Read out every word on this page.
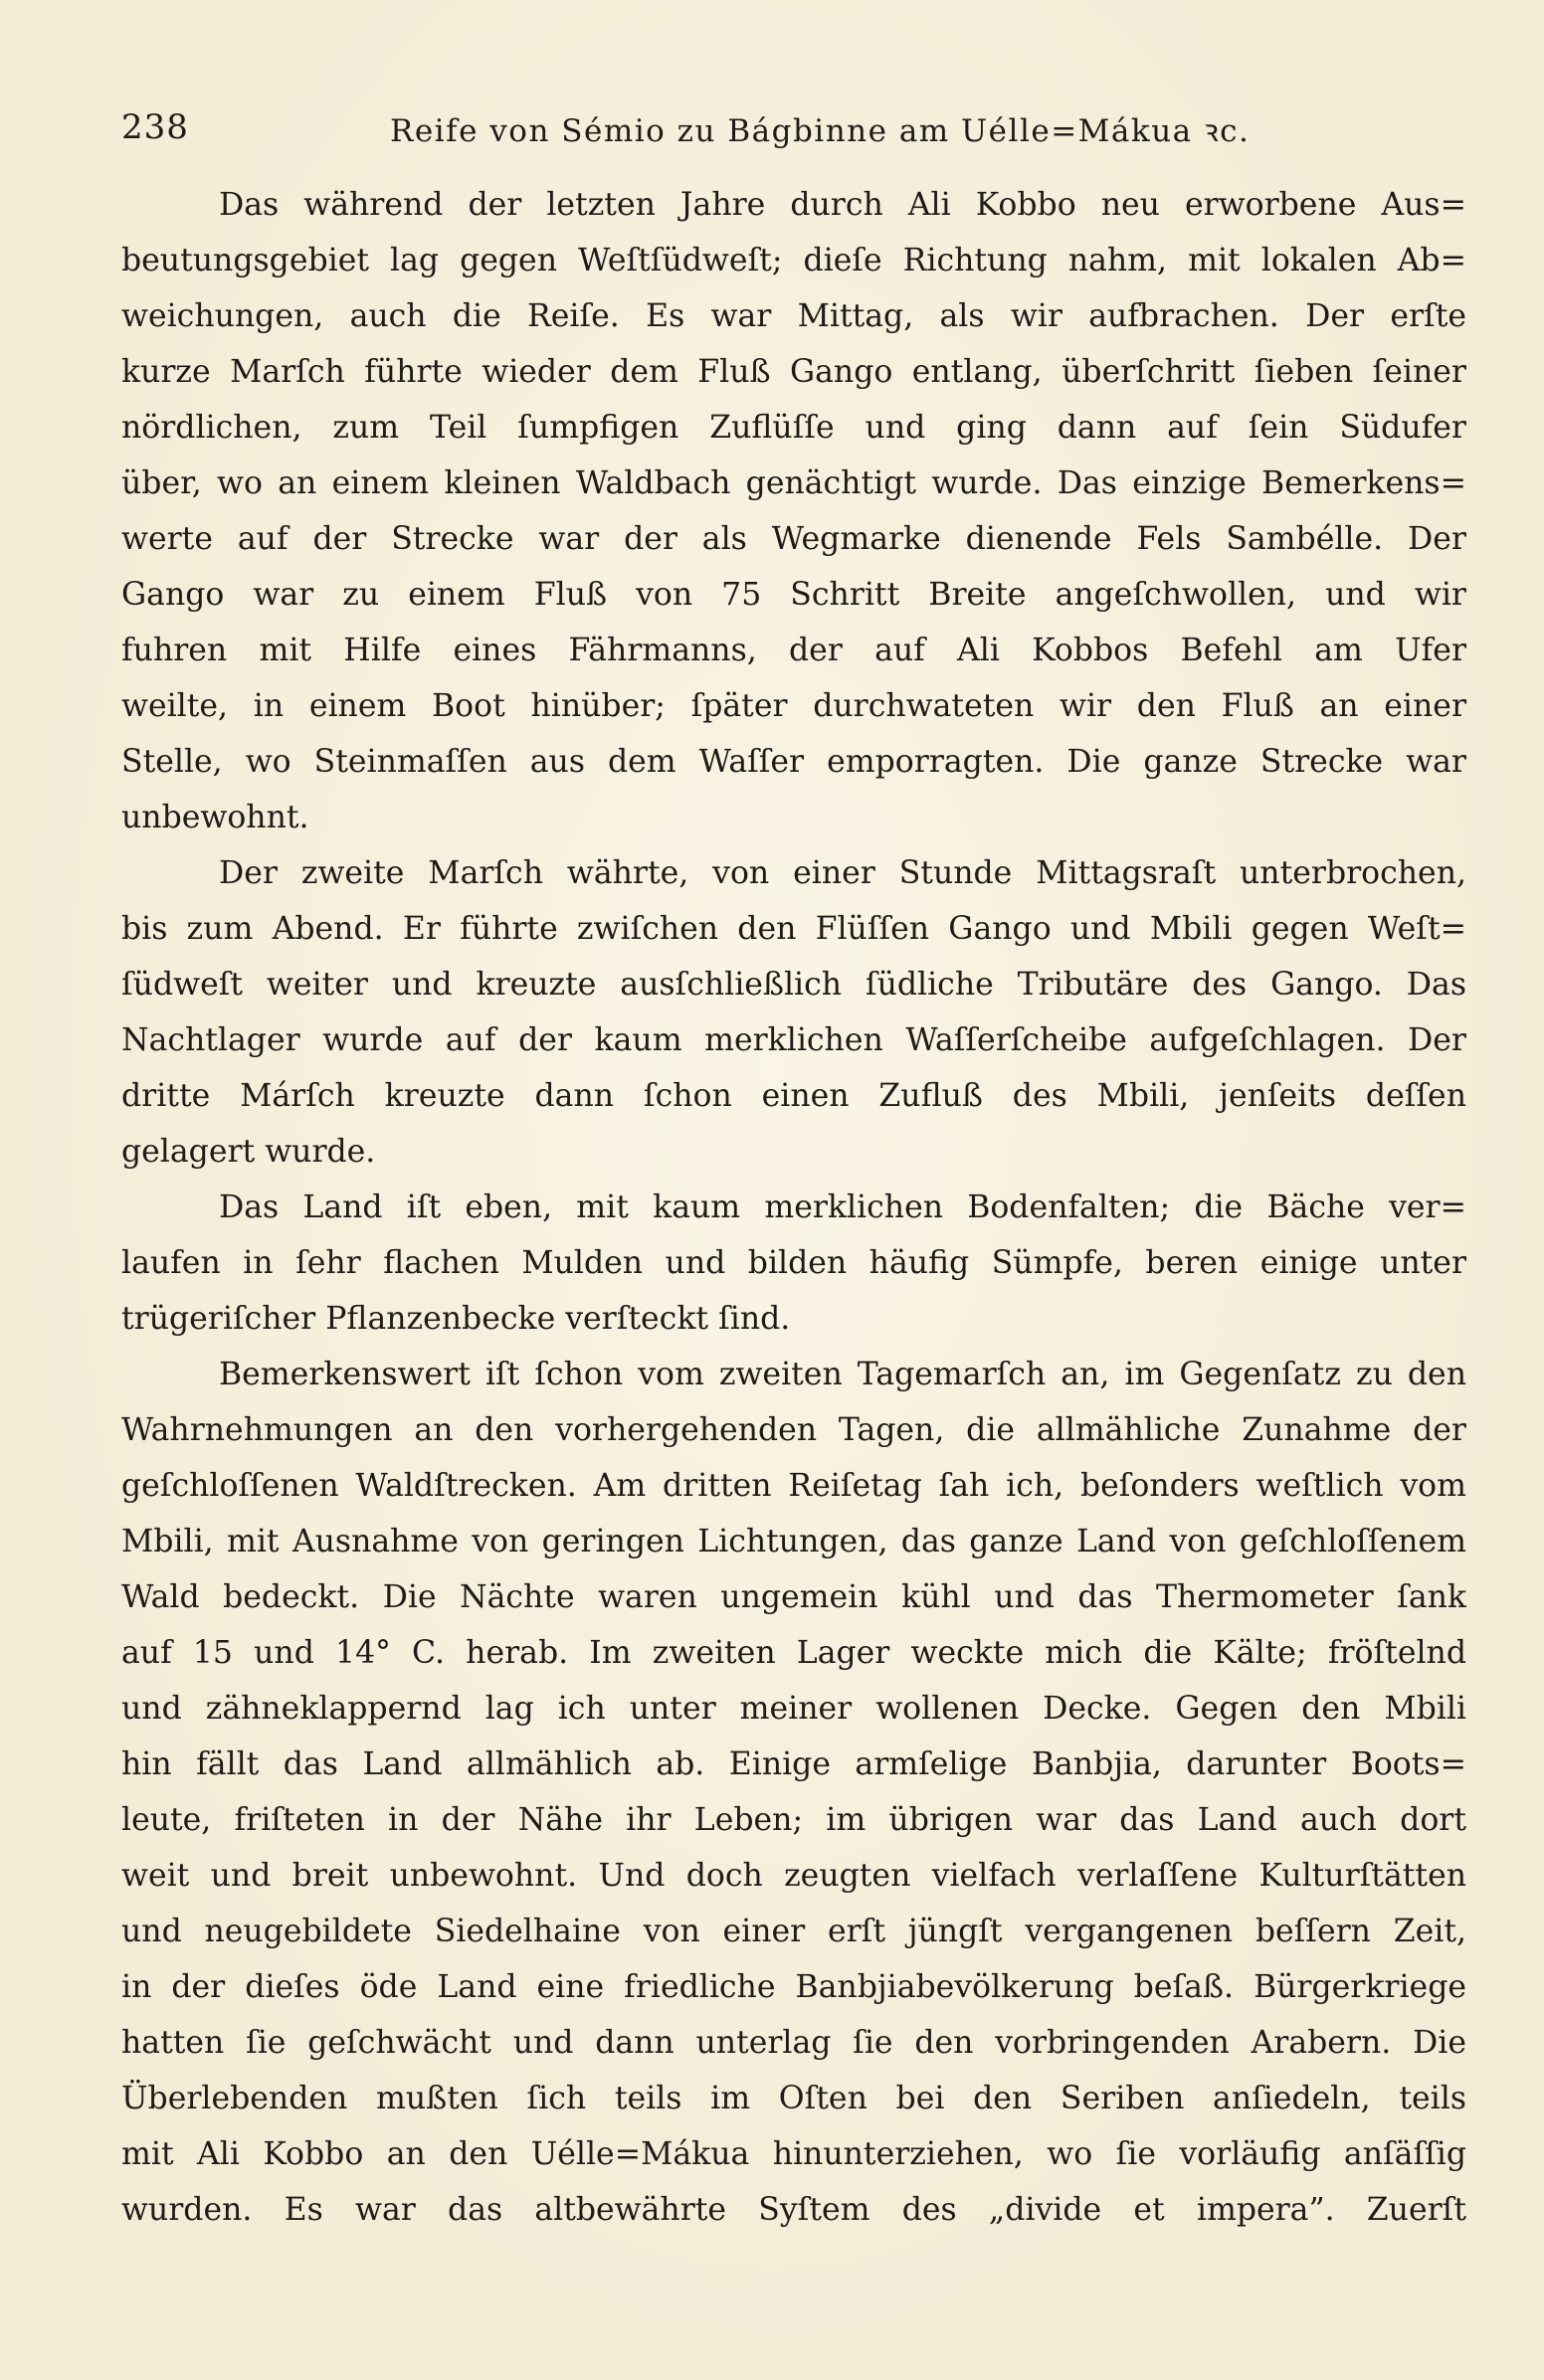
238	Reife von Sémio zu Bágbinne am Uélle=Mákua ꝛc.
Das während der letzten Jahre durch Ali Kobbo neu erworbene Aus=
beutungsgebiet lag gegen Weſtſüdweſt; dieſe Richtung nahm, mit lokalen Ab=
weichungen, auch die Reiſe. Es war Mittag, als wir aufbrachen. Der erſte
kurze Marſch führte wieder dem Fluß Gango entlang, überſchritt ſieben ſeiner
nördlichen, zum Teil ſumpfigen Zuflüſſe und ging dann auf ſein Südufer
über, wo an einem kleinen Waldbach genächtigt wurde. Das einzige Bemerkens=
werte auf der Strecke war der als Wegmarke dienende Fels Sambélle. Der
Gango war zu einem Fluß von 75 Schritt Breite angeſchwollen, und wir
fuhren mit Hilfe eines Fährmanns, der auf Ali Kobbos Befehl am Ufer
weilte, in einem Boot hinüber; ſpäter durchwateten wir den Fluß an einer
Stelle, wo Steinmaſſen aus dem Waſſer emporragten. Die ganze Strecke war
unbewohnt.
Der zweite Marſch währte, von einer Stunde Mittagsraſt unterbrochen,
bis zum Abend. Er führte zwiſchen den Flüſſen Gango und Mbili gegen Weſt=
ſüdweſt weiter und kreuzte ausſchließlich ſüdliche Tributäre des Gango. Das
Nachtlager wurde auf der kaum merklichen Waſſerſcheibe aufgeſchlagen. Der
dritte Márſch kreuzte dann ſchon einen Zufluß des Mbili, jenſeits deſſen
gelagert wurde.
Das Land iſt eben, mit kaum merklichen Bodenfalten; die Bäche ver=
laufen in ſehr flachen Mulden und bilden häufig Sümpfe, beren einige unter
trügeriſcher Pflanzenbecke verſteckt ſind.
Bemerkenswert iſt ſchon vom zweiten Tagemarſch an, im Gegenſatz zu den
Wahrnehmungen an den vorhergehenden Tagen, die allmähliche Zunahme der
geſchloſſenen Waldſtrecken. Am dritten Reiſetag ſah ich, beſonders weſtlich vom
Mbili, mit Ausnahme von geringen Lichtungen, das ganze Land von geſchloſſenem
Wald bedeckt. Die Nächte waren ungemein kühl und das Thermometer ſank
auf 15 und 14° C. herab. Im zweiten Lager weckte mich die Kälte; fröſtelnd
und zähneklappernd lag ich unter meiner wollenen Decke. Gegen den Mbili
hin fällt das Land allmählich ab. Einige armſelige Banbjia, darunter Boots=
leute, friſteten in der Nähe ihr Leben; im übrigen war das Land auch dort
weit und breit unbewohnt. Und doch zeugten vielfach verlaſſene Kulturſtätten
und neugebildete Siedelhaine von einer erſt jüngſt vergangenen beſſern Zeit,
in der dieſes öde Land eine friedliche Banbjiabevölkerung beſaß. Bürgerkriege
hatten ſie geſchwächt und dann unterlag ſie den vorbringenden Arabern. Die
Überlebenden mußten ſich teils im Oſten bei den Seriben anſiedeln, teils
mit Ali Kobbo an den Uélle=Mákua hinunterziehen, wo ſie vorläufig anſäſſig
wurden. Es war das altbewährte Syſtem des „divide et impera”. Zuerſt
